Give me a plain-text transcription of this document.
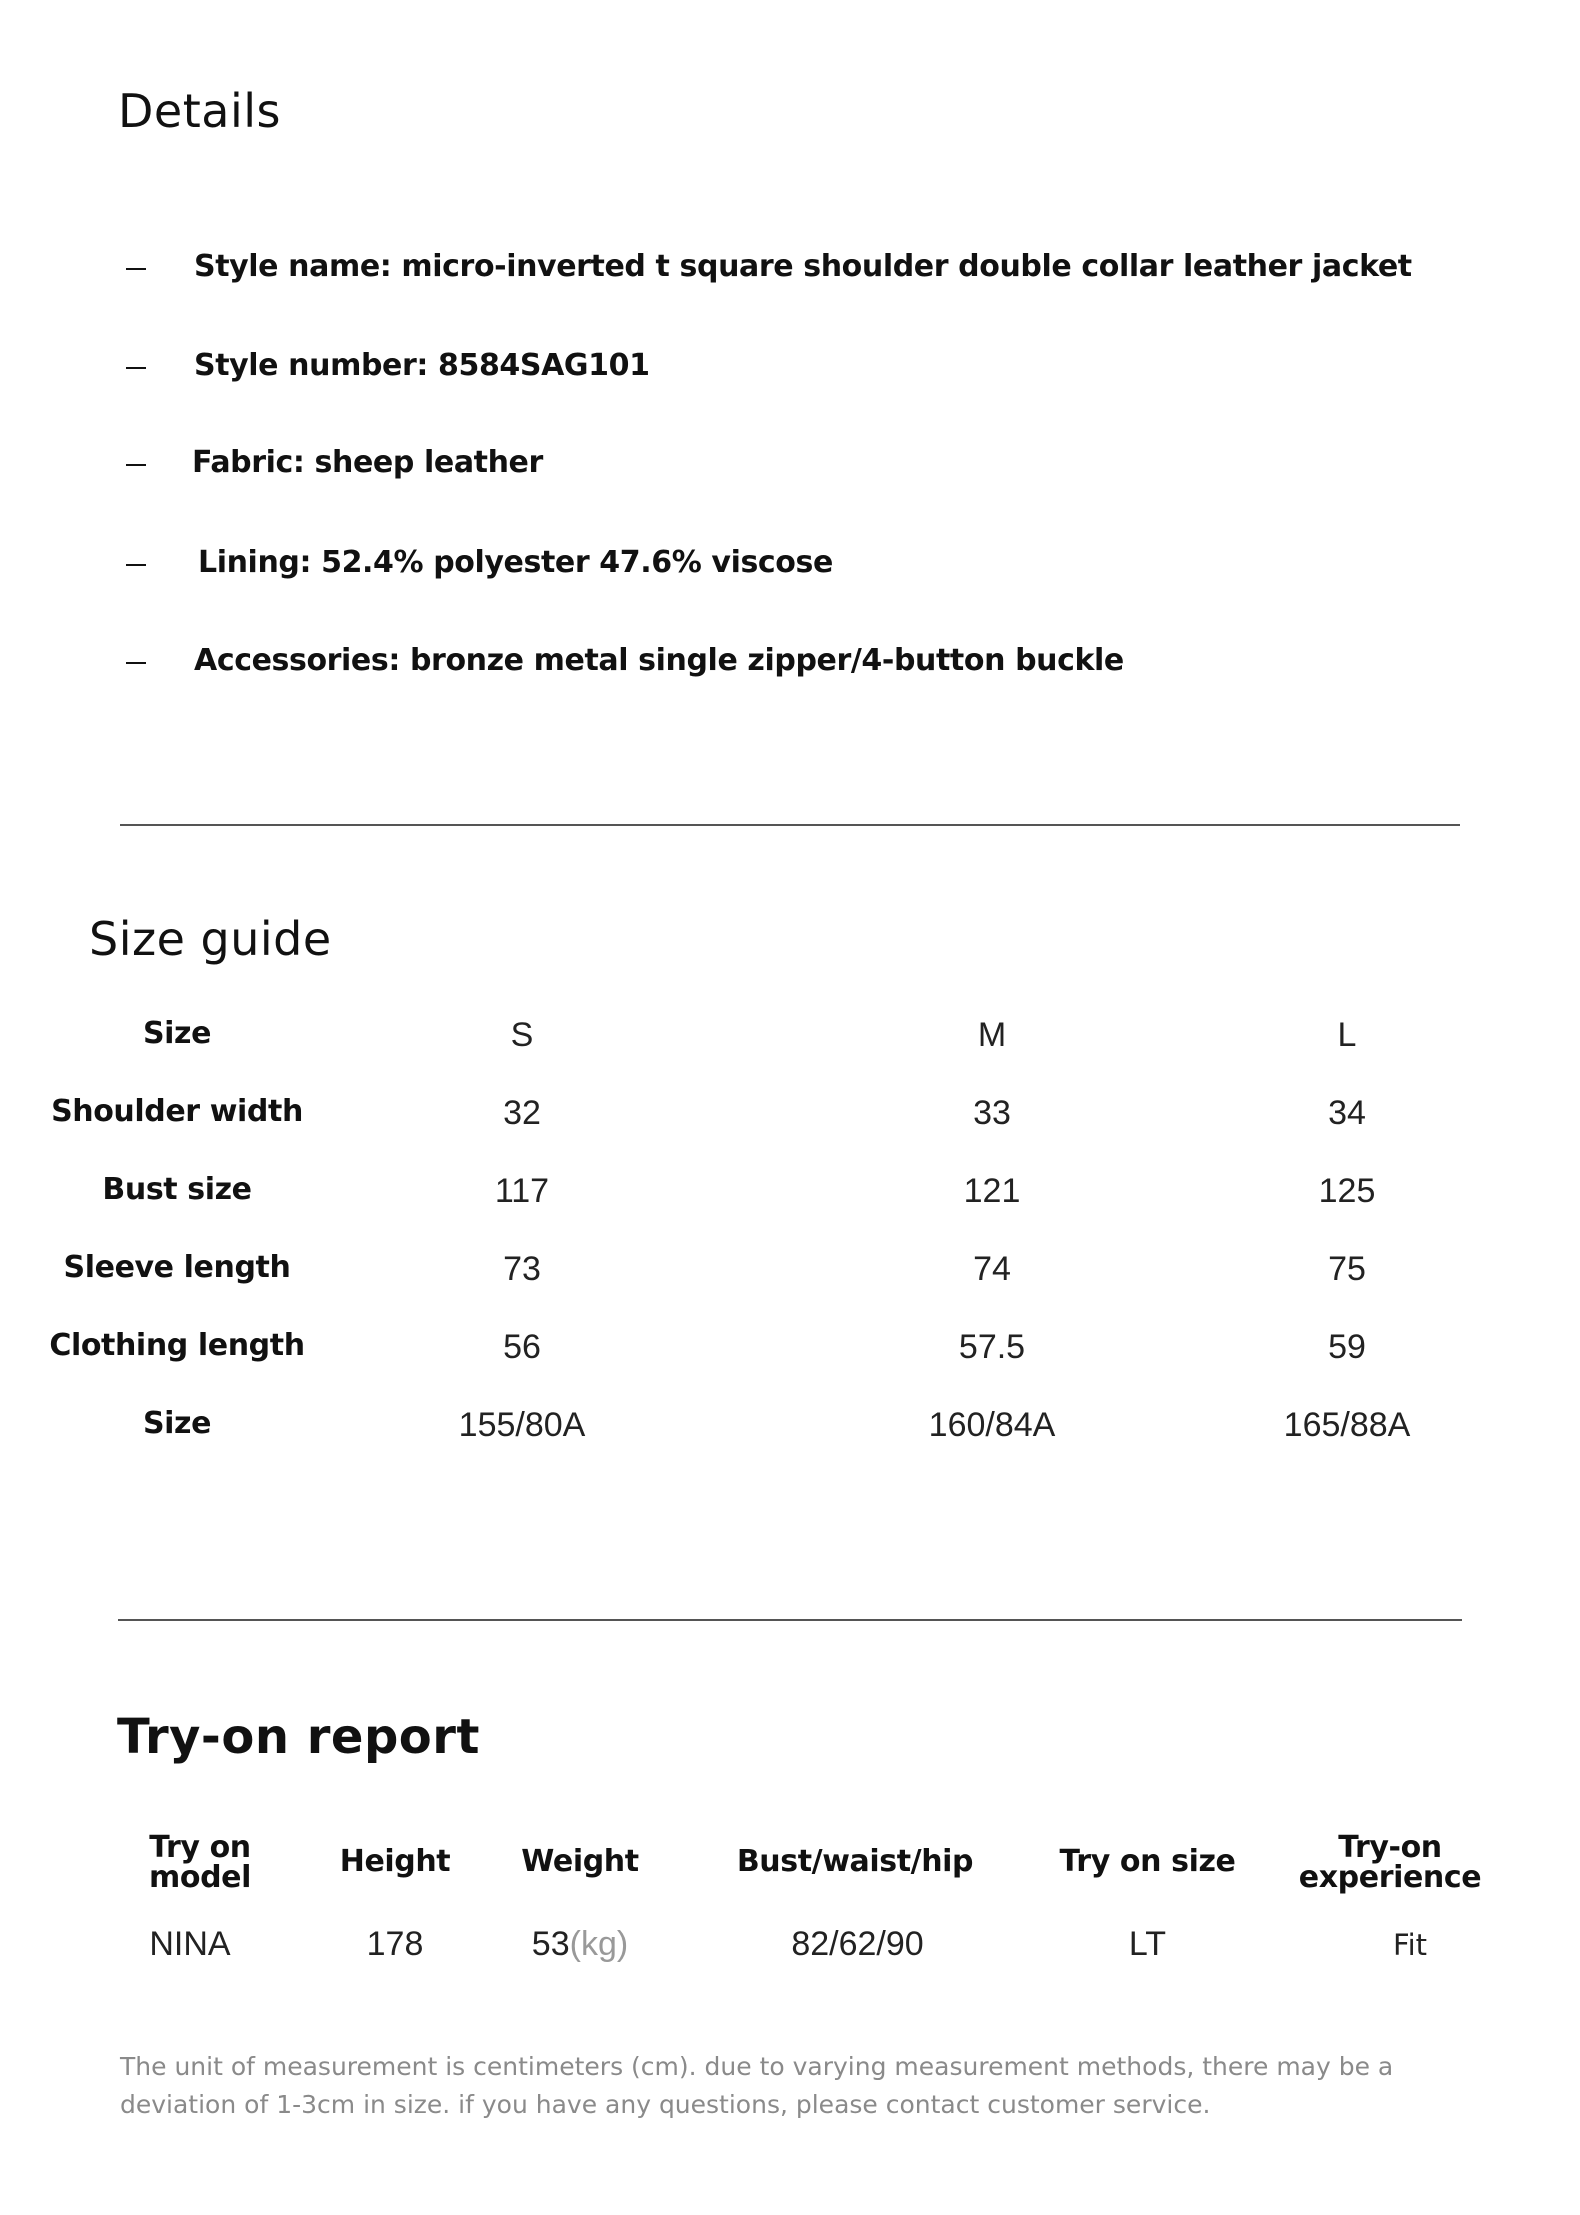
Details
Style name: micro-inverted t square shoulder double collar leather jacket
Style number: 8584SAG101
Fabric: sheep leather
Lining: 52.4% polyester 47.6% viscose
Accessories: bronze metal single zipper/4-button buckle
Size guide
Size	S	M	L
Shoulder width	32	33	34
Bust size	117	121	125
Sleeve length	73	74	75
Clothing length	56	57.5	59
Size	155/80A	160/84A	165/88A
Try-on report
Try on
model	Height	Weight	Bust/waist/hip	Try on size	Try-on
experience
NINA	178	53(kg)	82/62/90	LT	Fit
The unit of measurement is centimeters (cm). due to varying measurement methods, there may be a deviation of 1-3cm in size. if you have any questions, please contact customer service.
